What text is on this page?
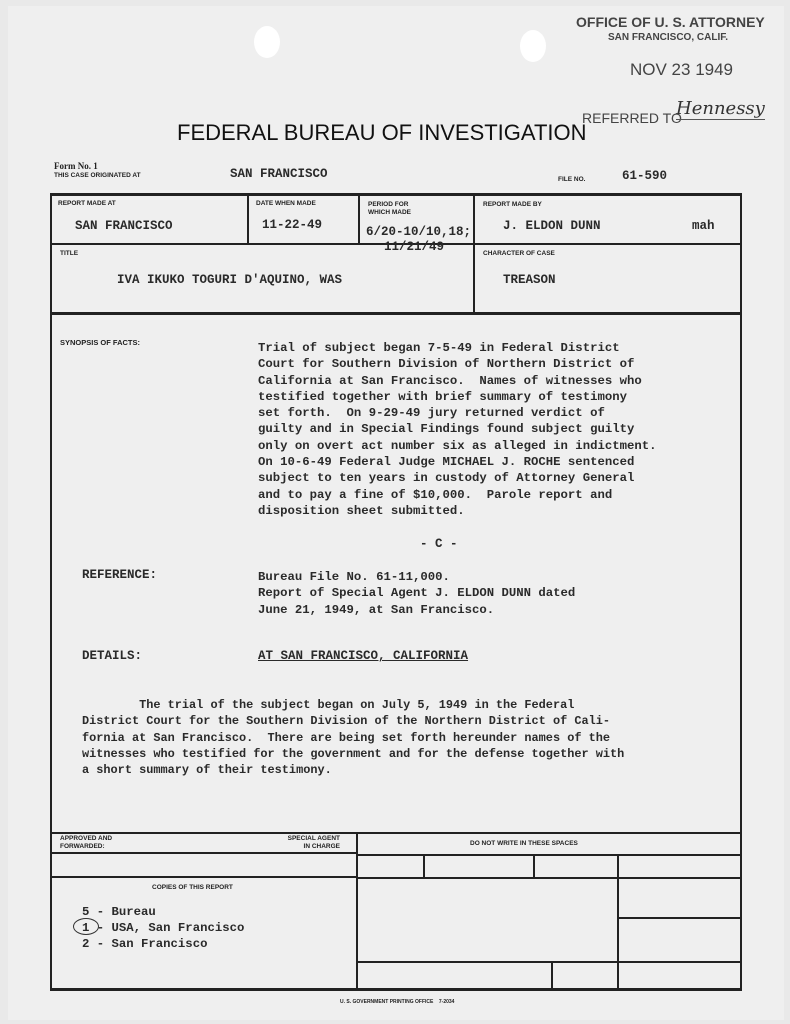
OFFICE OF U. S. ATTORNEY
SAN FRANCISCO, CALIF.
NOV 23 1949
REFERRED TO
Hennessy
FEDERAL BUREAU OF INVESTIGATION
Form No. 1
THIS CASE ORIGINATED AT	SAN FRANCISCO	FILE NO.	61-590
REPORT MADE AT
SAN FRANCISCO
DATE WHEN MADE
11-22-49
PERIOD FOR WHICH MADE
6/20-10/10,18;
11/21/49
REPORT MADE BY
J. ELDON DUNN	mah
TITLE
IVA IKUKO TOGURI D'AQUINO, WAS
CHARACTER OF CASE
TREASON
SYNOPSIS OF FACTS:	Trial of subject began 7-5-49 in Federal District
Court for Southern Division of Northern District of
California at San Francisco.  Names of witnesses who
testified together with brief summary of testimony
set forth.  On 9-29-49 jury returned verdict of
guilty and in Special Findings found subject guilty
only on overt act number six as alleged in indictment.
On 10-6-49 Federal Judge MICHAEL J. ROCHE sentenced
subject to ten years in custody of Attorney General
and to pay a fine of $10,000.  Parole report and
disposition sheet submitted.
- C -
REFERENCE:	Bureau File No. 61-11,000.
Report of Special Agent J. ELDON DUNN dated
June 21, 1949, at San Francisco.
DETAILS:	AT SAN FRANCISCO, CALIFORNIA
The trial of the subject began on July 5, 1949 in the Federal
District Court for the Southern Division of the Northern District of Cali-
fornia at San Francisco.  There are being set forth hereunder names of the
witnesses who testified for the government and for the defense together with
a short summary of their testimony.
APPROVED AND FORWARDED:
SPECIAL AGENT IN CHARGE	DO NOT WRITE IN THESE SPACES
COPIES OF THIS REPORT
5 - Bureau
1 - USA, San Francisco
2 - San Francisco
U. S. GOVERNMENT PRINTING OFFICE    7-2034
